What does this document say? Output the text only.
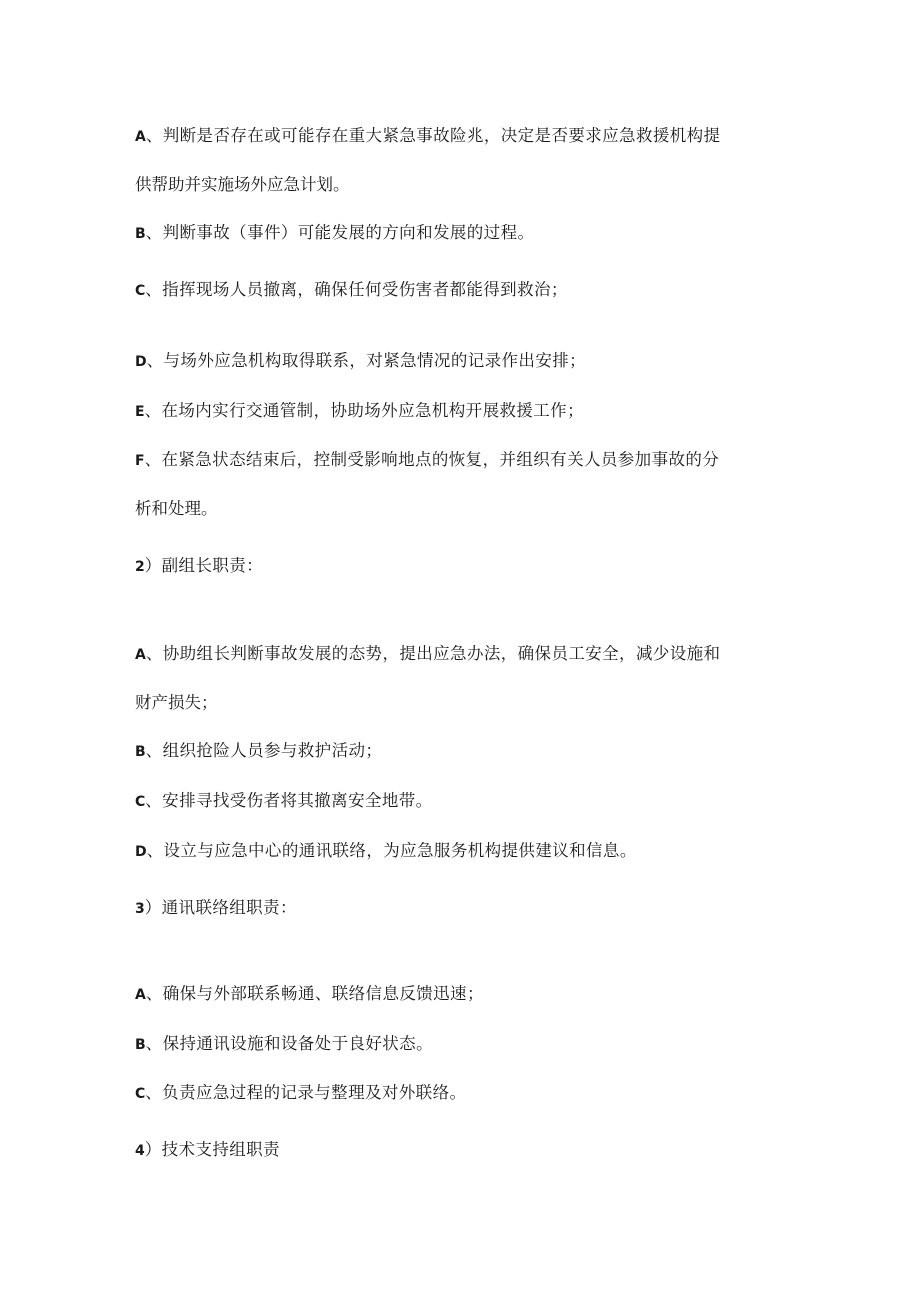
A、判断是否存在或可能存在重大紧急事故险兆，决定是否要求应急救援机构提
供帮助并实施场外应急计划。
B、判断事故（事件）可能发展的方向和发展的过程。
C、指挥现场人员撤离，确保任何受伤害者都能得到救治；
D、与场外应急机构取得联系，对紧急情况的记录作出安排；
E、在场内实行交通管制，协助场外应急机构开展救援工作；
F、在紧急状态结束后，控制受影响地点的恢复，并组织有关人员参加事故的分
析和处理。
2）副组长职责：
A、协助组长判断事故发展的态势，提出应急办法，确保员工安全，减少设施和
财产损失；
B、组织抢险人员参与救护活动；
C、安排寻找受伤者将其撤离安全地带。
D、设立与应急中心的通讯联络，为应急服务机构提供建议和信息。
3）通讯联络组职责：
A、确保与外部联系畅通、联络信息反馈迅速；
B、保持通讯设施和设备处于良好状态。
C、负责应急过程的记录与整理及对外联络。
4）技术支持组职责
